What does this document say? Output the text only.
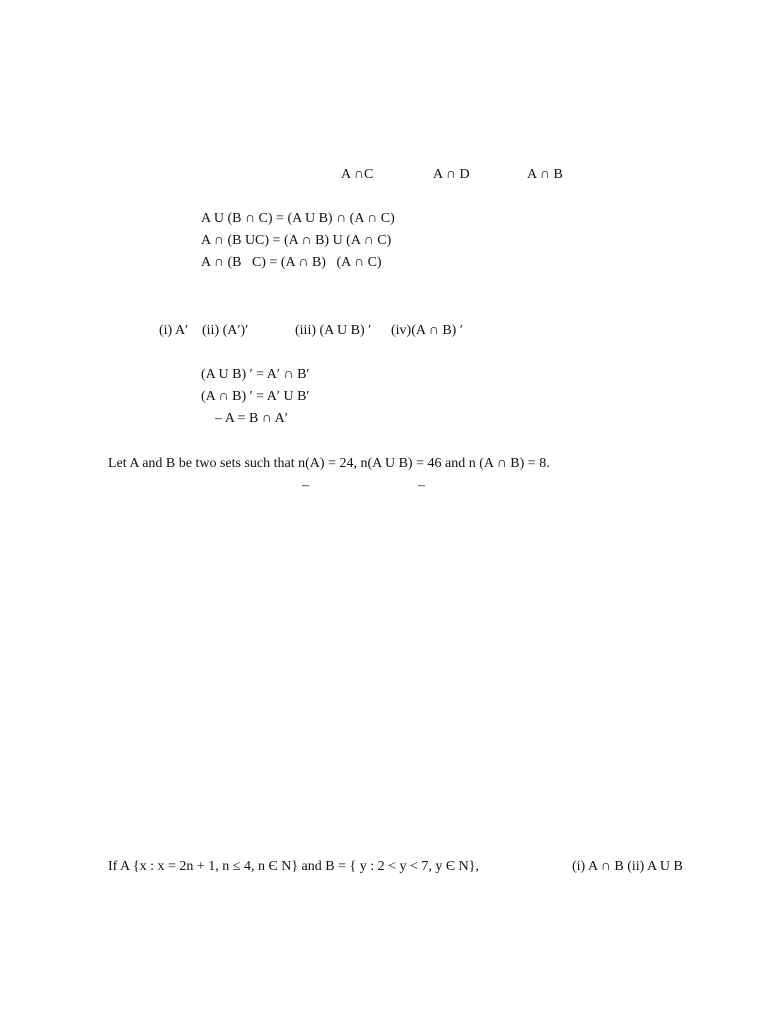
A ∩C	A ∩ D	A ∩ B
A U (B ∩ C) = (A U B) ∩ (A ∩ C)
A ∩ (B UC) = (A ∩ B) U (A ∩ C)
A ∩ (B   C) = (A ∩ B)   (A ∩ C)
(i) A′ (ii) (A′)′	(iii) (A U B) ′ (iv)(A ∩ B) ′
(A U B) ′ = A′ ∩ B′
(A ∩ B) ′ = A′ U B′
– A = B ∩ A′
Let A and B be two sets such that n(A) = 24, n(A U B) = 46 and n (A ∩ B) = 8.
–	–
If A {x : x = 2n + 1, n ≤ 4, n Є N} and B = { y : 2 < y < 7, y Є N},	(i) A ∩ B (ii) A U B
